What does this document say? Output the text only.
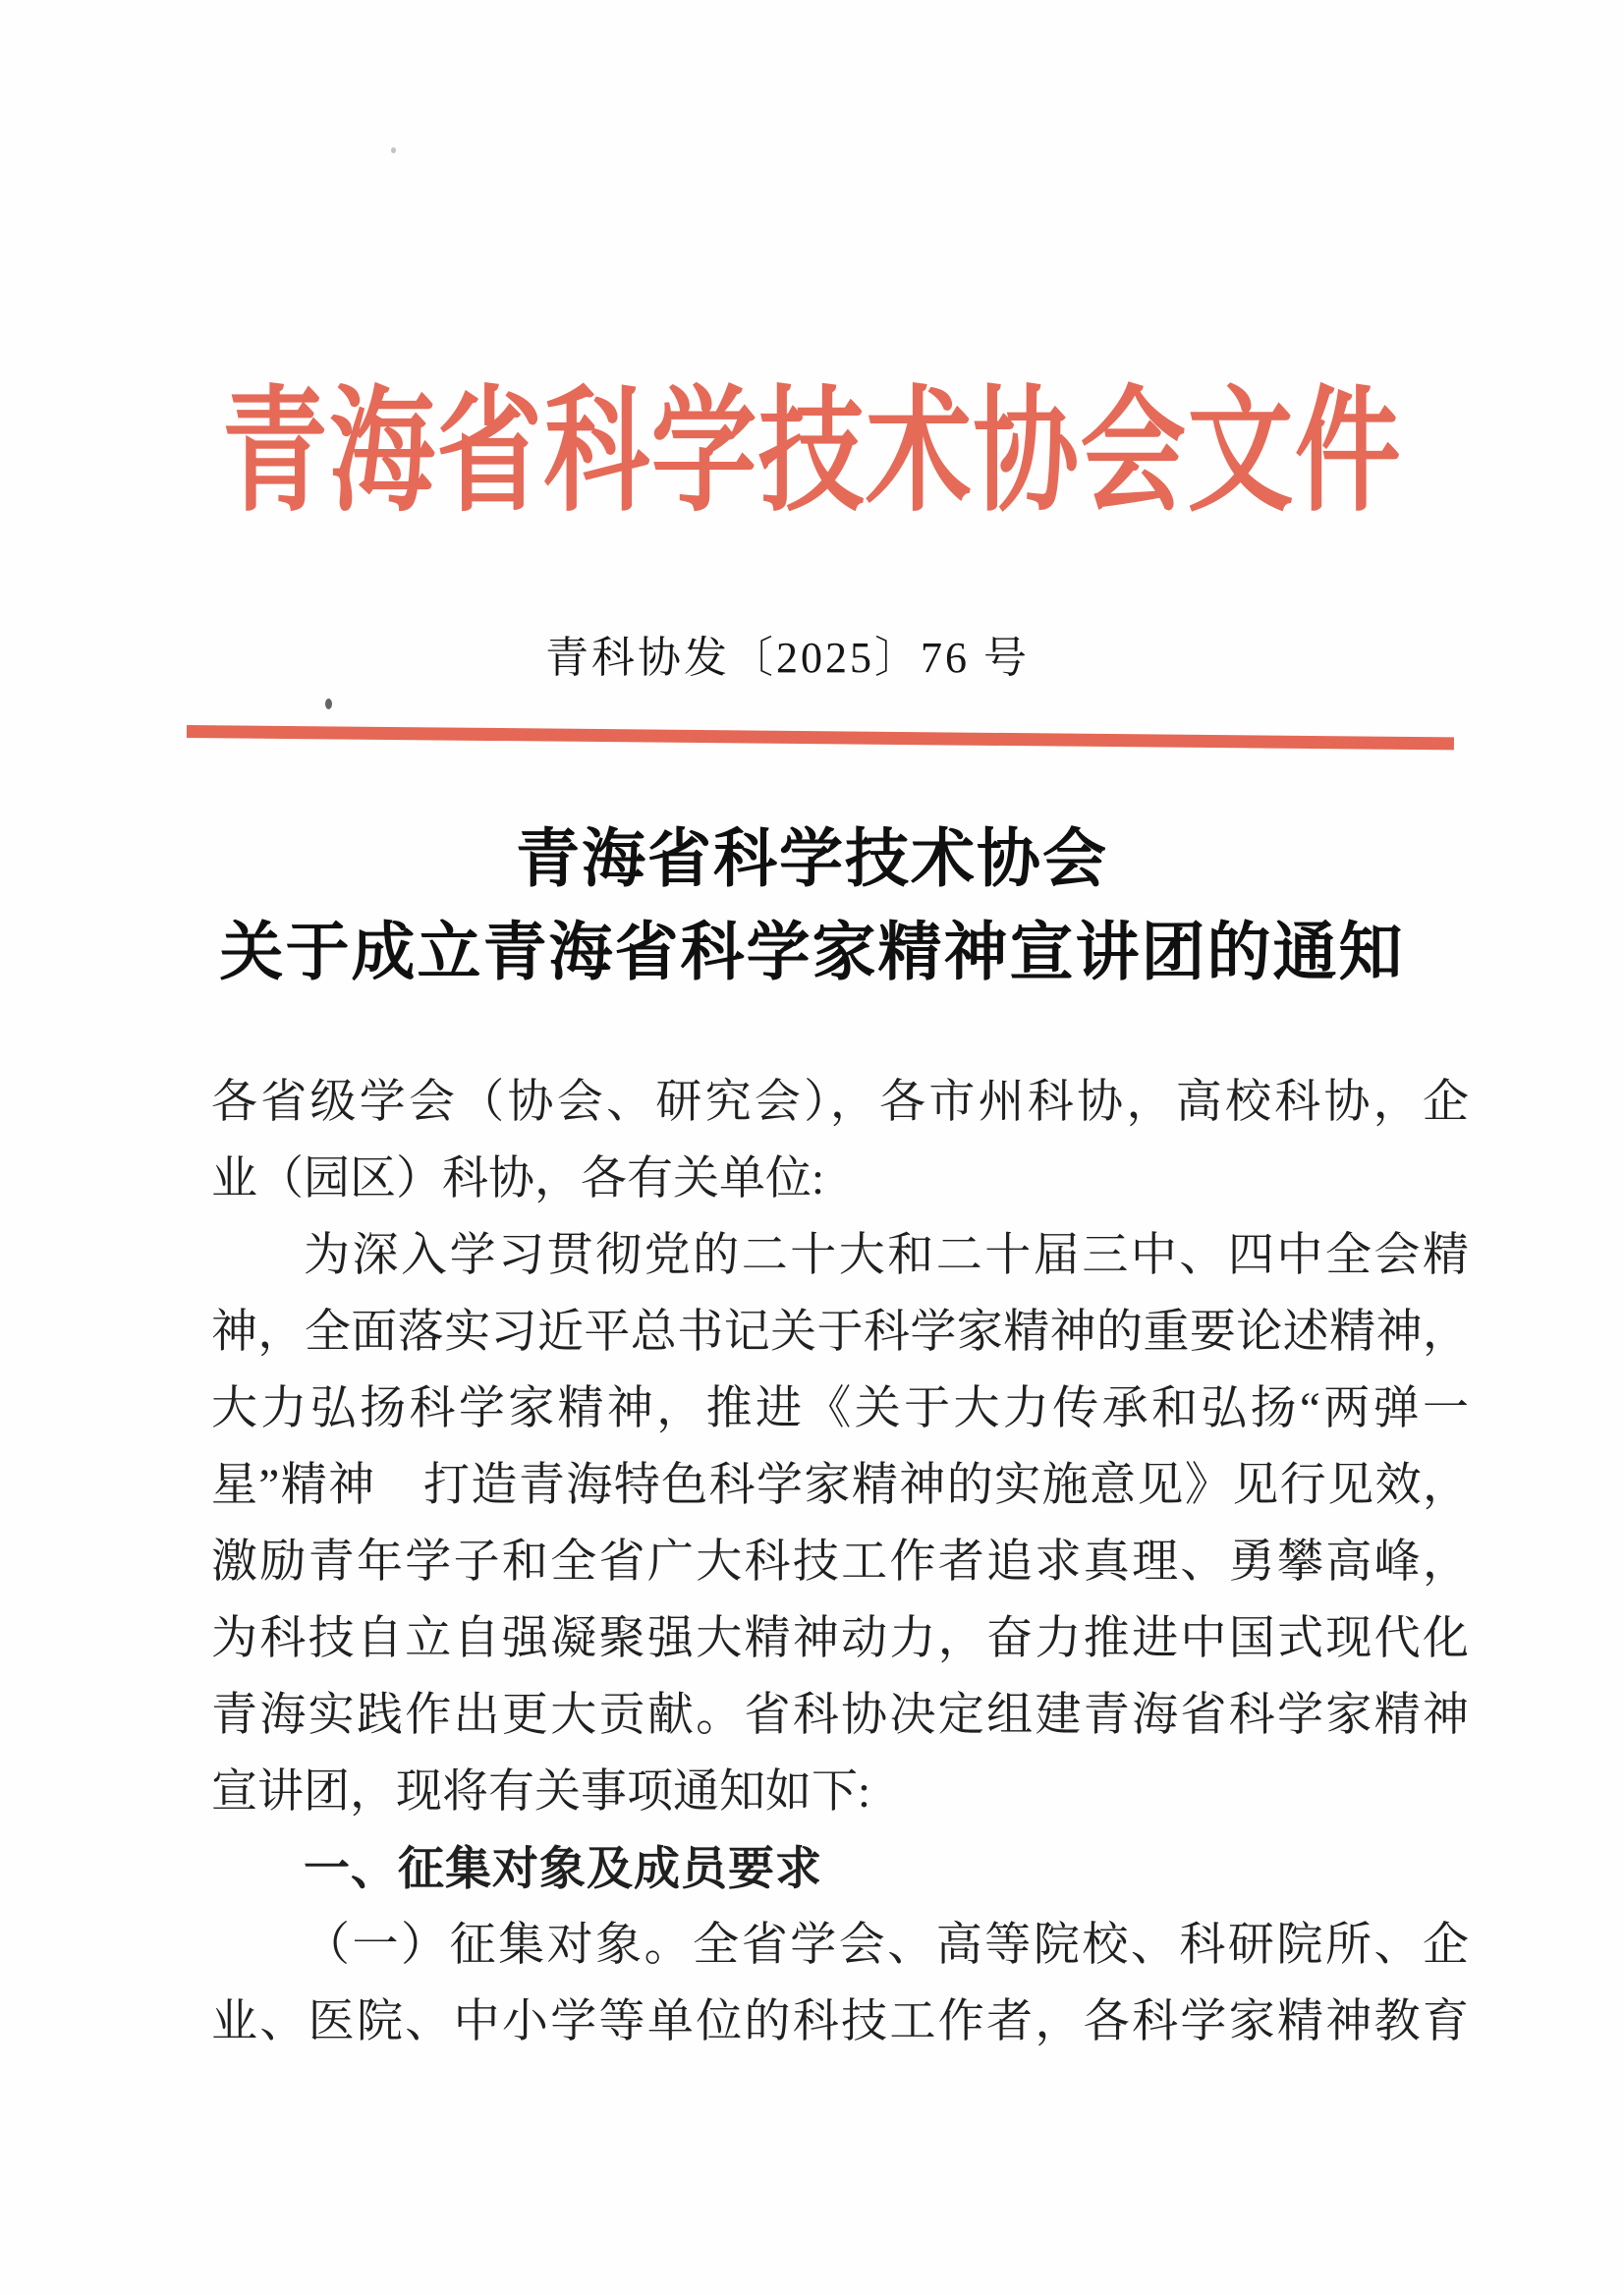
青海省科学技术协会文件
青科协发〔2025〕76 号
青海省科学技术协会
关于成立青海省科学家精神宣讲团的通知
各省级学会（协会、研究会），各市州科协，高校科协，企
业（园区）科协，各有关单位:
为深入学习贯彻党的二十大和二十届三中、四中全会精
神，全面落实习近平总书记关于科学家精神的重要论述精神，
大力弘扬科学家精神，推进《关于大力传承和弘扬“两弹一
星”精神　打造青海特色科学家精神的实施意见》见行见效，
激励青年学子和全省广大科技工作者追求真理、勇攀高峰，
为科技自立自强凝聚强大精神动力，奋力推进中国式现代化
青海实践作出更大贡献。省科协决定组建青海省科学家精神
宣讲团，现将有关事项通知如下:
一、征集对象及成员要求
（一）征集对象。全省学会、高等院校、科研院所、企
业、医院、中小学等单位的科技工作者，各科学家精神教育
